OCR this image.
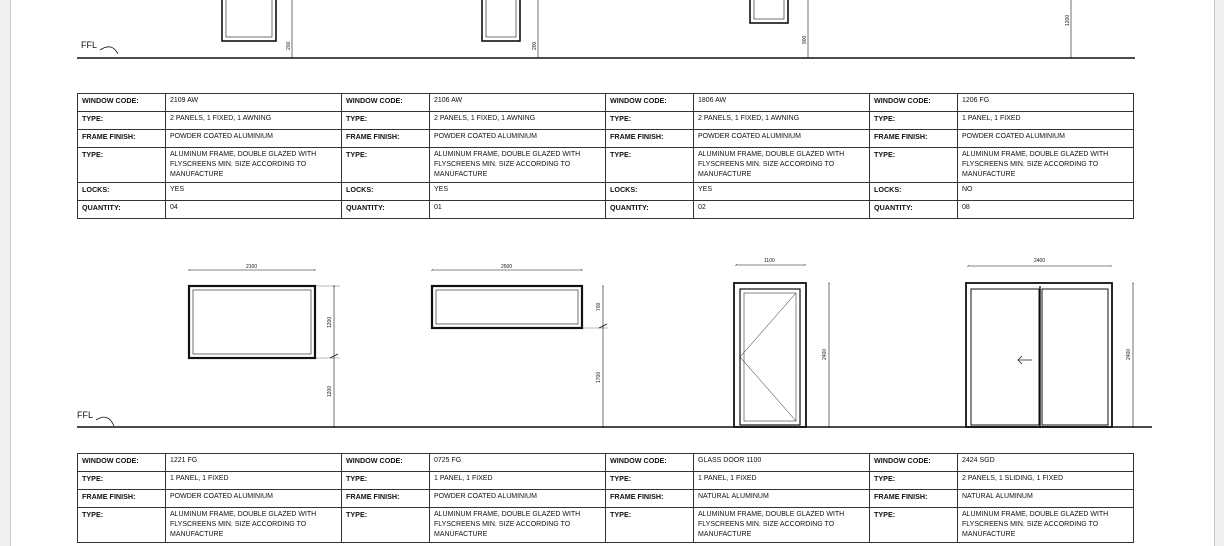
FFL	200	200
900
1200
FFL
2100
1200
1200
2500
700
1700
1100
2400
2400
2400
WINDOW CODE:	2109 AW	WINDOW CODE:	2106 AW	WINDOW CODE:	1806 AW	WINDOW CODE:	1206 FG
TYPE:	2 PANELS, 1 FIXED, 1 AWNING	TYPE:	2 PANELS, 1 FIXED, 1 AWNING	TYPE:	2 PANELS, 1 FIXED, 1 AWNING	TYPE:	1 PANEL, 1 FIXED
FRAME FINISH:	POWDER COATED ALUMINIUM	FRAME FINISH:	POWDER COATED ALUMINIUM	FRAME FINISH:	POWDER COATED ALUMINIUM	FRAME FINISH:	POWDER COATED ALUMINIUM
TYPE:	ALUMINUM FRAME, DOUBLE GLAZED WITH FLYSCREENS MIN. SIZE ACCORDING TO MANUFACTURE	TYPE:	ALUMINUM FRAME, DOUBLE GLAZED WITH FLYSCREENS MIN. SIZE ACCORDING TO MANUFACTURE	TYPE:	ALUMINUM FRAME, DOUBLE GLAZED WITH FLYSCREENS MIN. SIZE ACCORDING TO MANUFACTURE	TYPE:	ALUMINUM FRAME, DOUBLE GLAZED WITH FLYSCREENS MIN. SIZE ACCORDING TO MANUFACTURE
LOCKS:	YES	LOCKS:	YES	LOCKS:	YES	LOCKS:	NO
QUANTITY:	04	QUANTITY:	01	QUANTITY:	02	QUANTITY:	08
WINDOW CODE:	1221 FG	WINDOW CODE:	0725 FG	WINDOW CODE:	GLASS DOOR 1100	WINDOW CODE:	2424 SGD
TYPE:	1 PANEL, 1 FIXED	TYPE:	1 PANEL, 1 FIXED	TYPE:	1 PANEL, 1 FIXED	TYPE:	2 PANELS, 1 SLIDING, 1 FIXED
FRAME FINISH:	POWDER COATED ALUMINIUM	FRAME FINISH:	POWDER COATED ALUMINIUM	FRAME FINISH:	NATURAL ALUMINUM	FRAME FINISH:	NATURAL ALUMINUM
TYPE:	ALUMINUM FRAME, DOUBLE GLAZED WITH FLYSCREENS MIN. SIZE ACCORDING TO MANUFACTURE	TYPE:	ALUMINUM FRAME, DOUBLE GLAZED WITH FLYSCREENS MIN. SIZE ACCORDING TO MANUFACTURE	TYPE:	ALUMINUM FRAME, DOUBLE GLAZED WITH FLYSCREENS MIN. SIZE ACCORDING TO MANUFACTURE	TYPE:	ALUMINUM FRAME, DOUBLE GLAZED WITH FLYSCREENS MIN. SIZE ACCORDING TO MANUFACTURE
